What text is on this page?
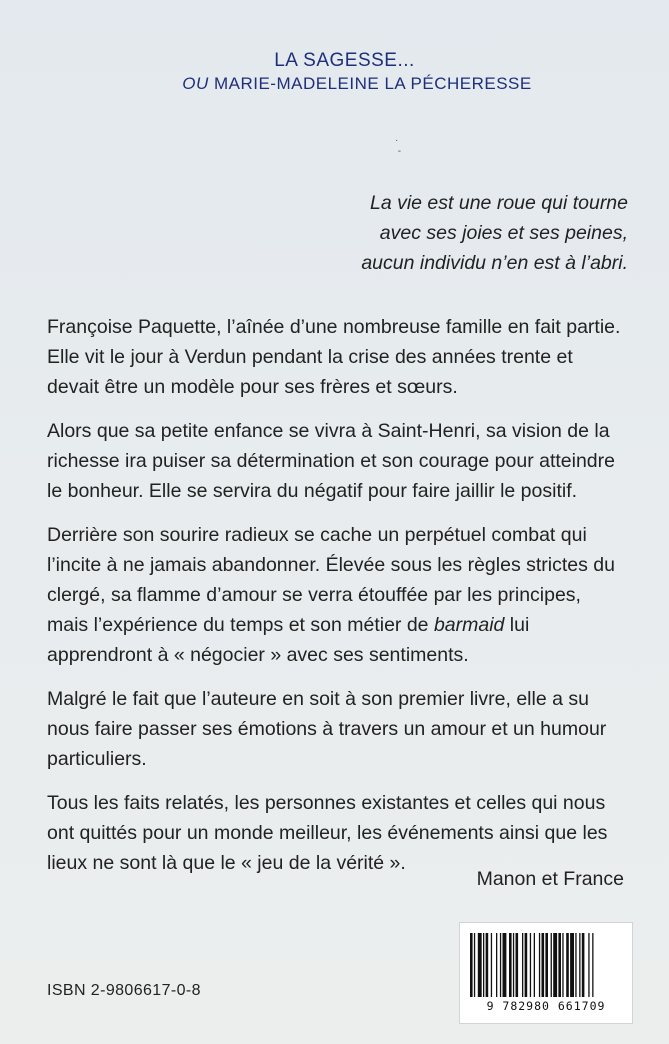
LA SAGESSE...
OU MARIE-MADELEINE LA PÉCHERESSE
·
-
La vie est une roue qui tourne
avec ses joies et ses peines,
aucun individu n’en est à l’abri.

Françoise Paquette, l’aînée d’une nombreuse famille en fait partie. Elle vit le jour à Verdun pendant la crise des années trente et devait être un modèle pour ses frères et sœurs.

Alors que sa petite enfance se vivra à Saint-Henri, sa vision de la richesse ira puiser sa détermination et son courage pour atteindre le bonheur. Elle se servira du négatif pour faire jaillir le positif.

Derrière son sourire radieux se cache un perpétuel combat qui l’incite à ne jamais abandonner. Élevée sous les règles strictes du clergé, sa flamme d’amour se verra étouffée par les principes, mais l’expérience du temps et son métier de barmaid lui apprendront à « négocier » avec ses sentiments.

Malgré le fait que l’auteure en soit à son premier livre, elle a su nous faire passer ses émotions à travers un amour et un humour particuliers.

Tous les faits relatés, les personnes existantes et celles qui nous ont quittés pour un monde meilleur, les événements ainsi que les lieux ne sont là que le « jeu de la vérité ».

Manon et France
ISBN 2-9806617-0-8
9 782980 661709
